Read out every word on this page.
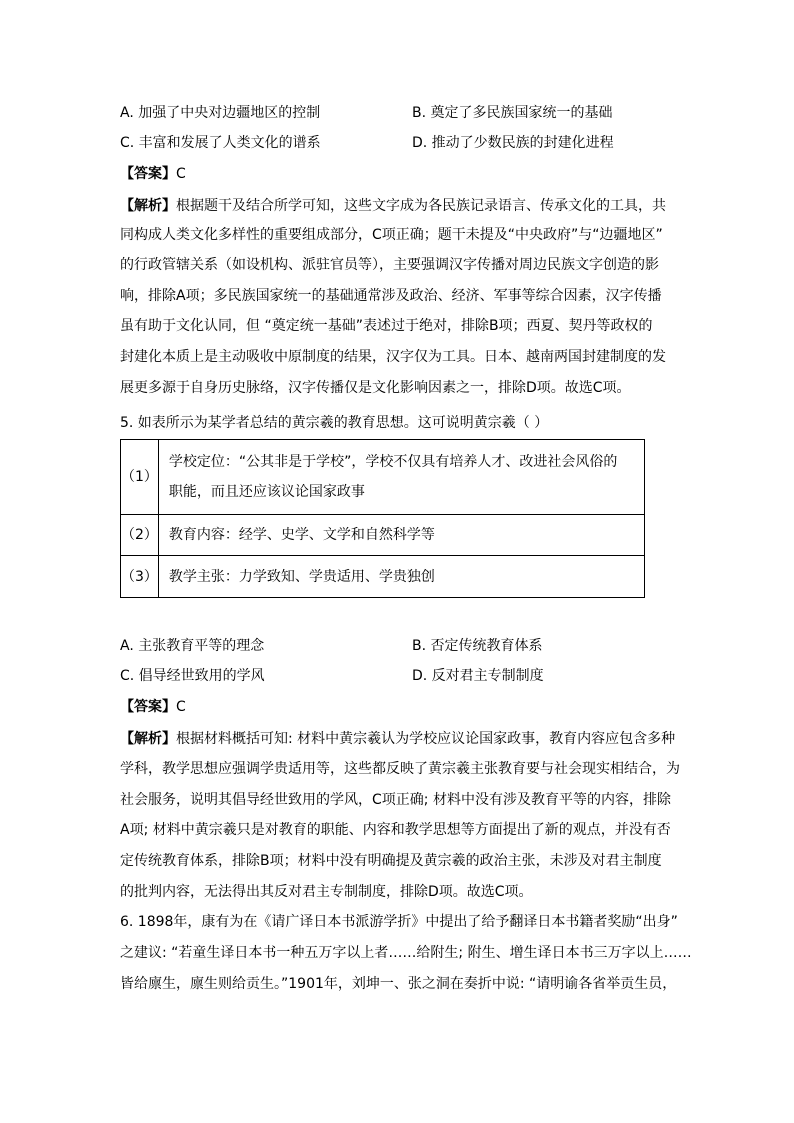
A. 加强了中央对边疆地区的控制	B. 奠定了多民族国家统一的基础
C. 丰富和发展了人类文化的谱系	D. 推动了少数民族的封建化进程
【答案】C
【解析】根据题干及结合所学可知，这些文字成为各民族记录语言、传承文化的工具，共
同构成人类文化多样性的重要组成部分，C项正确；题干未提及“中央政府”与“边疆地区”
的行政管辖关系（如设机构、派驻官员等），主要强调汉字传播对周边民族文字创造的影
响，排除A项；多民族国家统一的基础通常涉及政治、经济、军事等综合因素，汉字传播
虽有助于文化认同，但 “奠定统一基础”表述过于绝对，排除B项；西夏、契丹等政权的
封建化本质上是主动吸收中原制度的结果，汉字仅为工具。日本、越南两国封建制度的发
展更多源于自身历史脉络，汉字传播仅是文化影响因素之一，排除D项。故选C项。
5. 如表所示为某学者总结的黄宗羲的教育思想。这可说明黄宗羲（ ）
（1）	学校定位：“公其非是于学校”，学校不仅具有培养人才、改进社会风俗的
职能，而且还应该议论国家政事

（2）	教育内容：经学、史学、文学和自然科学等
（3）	教学主张：力学致知、学贵适用、学贵独创
A. 主张教育平等的理念	B. 否定传统教育体系
C. 倡导经世致用的学风	D. 反对君主专制制度
【答案】C
【解析】根据材料概括可知: 材料中黄宗羲认为学校应议论国家政事，教育内容应包含多种
学科，教学思想应强调学贵适用等，这些都反映了黄宗羲主张教育要与社会现实相结合，为
社会服务，说明其倡导经世致用的学风，C项正确; 材料中没有涉及教育平等的内容，排除
A项; 材料中黄宗羲只是对教育的职能、内容和教学思想等方面提出了新的观点，并没有否
定传统教育体系，排除B项；材料中没有明确提及黄宗羲的政治主张，未涉及对君主制度
的批判内容，无法得出其反对君主专制制度，排除D项。故选C项。
6. 1898年，康有为在《请广译日本书派游学折》中提出了给予翻译日本书籍者奖励“出身”
之建议: “若童生译日本书一种五万字以上者……给附生; 附生、增生译日本书三万字以上……
皆给廪生，廪生则给贡生。”1901年，刘坤一、张之洞在奏折中说: “请明谕各省举贡生员，
